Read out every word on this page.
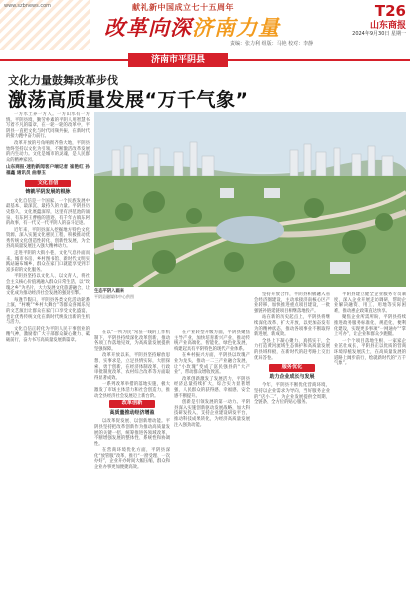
www.szbnews.com	献礼新中国成立七十五周年
改革向深济南力量
T26
山东商报
2024年9月30日 星期一
责编：张力利 组版：马艳 校对：李静
济南市平阴县
文化力量鼓舞改革步伐
激荡高质量发展“万千气象”

一方水土养一方人。一方山水有一方情。平阴县境，勤劳朴素的平阴人用智慧书写着不凡的篇章，在一轮一轮的改革中，平阴县一直把文化与时代同频共振，在新时代的接力跑中奋力前行。

改革开放的号角响彻齐鲁大地，平阴县始终坚持以文化为引领，不断激活改革发展的内生动力。文化是城市的灵魂，是人民群众的精神家园。

山东商报·速豹新闻客户端记者 崔艳红 孙福鑫 通讯员 曲春玉
文化自信
铸就平阴发展的根脉

文化自信是一个国家、一个民族发展中最基本、最深沉、最持久的力量。平阴县历史悠久，文化底蕴深厚，这里有洪范池的涌泉、有东阿王曹植的遗迹，有千年古镇东阿的故事，有一代又一代平阴人的奋斗足迹。

近年来，平阴县深入挖掘地方特色文化资源，深入实施文化惠民工程，积极推动优秀传统文化创造性转化、创新性发展，为全县高质量发展注入强大精神动力。

走进平阴的大街小巷，文化气息扑面而来。城市书房、乡村图书馆、新时代文明实践站遍布城乡，群众在家门口就能享受到丰富多彩的文化服务。

平阴县坚持以文化人、以文育人，将社会主义核心价值观融入群众日常生活，以“玫瑰之乡”为名片，大力发展文化旅游融合，让文化成为推动经济社会发展的强劲引擎。

每逢节假日，平阴县各类文化活动轮番上演，“村晚”“乡村大舞台”等群众喜闻乐见的文艺演出让群众在家门口享受文化盛宴，也让优秀传统文化在新时代焕发出新的生机与活力。

文化自信正转化为平阴人民干事创业的精气神，激励着广大干部群众凝心聚力、砥砺前行，奋力书写高质量发展新篇章。

生态平阴入画来
平阴县融媒体中心供图

在以“一所为民”常驻一线的工作机制下，平阴县持续深化改革创新，推动各项工作落地见效，为高质量发展提供坚强保障。

改革开放以来，平阴县坚持解放思想、实事求是，立足县情实际，大胆探索、勇于创新，在经济体制改革、行政审批制度改革、农村综合改革等方面取得显著成效。

一系列改革举措的落地实施，极大激发了市场主体活力和社会创造力，推动全县经济社会发展迈上新台阶。

改革创新
高质量推动经济增盈

以改革促发展、以创新增动能。平阴县坚持把改革创新作为推动高质量发展的关键一招，统筹推进各领域改革，不断增强发展的整体性、系统性和协调性。

在营商环境优化方面，平阴县深化“放管服”改革，推行“一窗受理、一次办好”，企业开办时间大幅压缩，群众和企业办事更加便捷高效。

在产业转型升级方面，平阴县聚焦主导产业，加快培育新兴产业，推动传统产业高端化、智能化、绿色化发展，构建起具有平阴特色的现代产业体系。

在乡村振兴方面，平阴县以玫瑰产业为龙头，推动一二三产业融合发展，让“小玫瑰”变成了富民强县的“大产业”，带动群众增收致富。

改革创新激发了发展活力，平阴县经济总量持续扩大，综合实力显著增强，人民群众的获得感、幸福感、安全感不断提升。

创新是引领发展的第一动力。平阴县深入实施创新驱动发展战略，加大科技研发投入，支持企业建设研发平台，推动科技成果转化，为经济高质量发展注入强劲动能。

坚持开放合作，平阴县积极融入省会经济圈建设，主动承接济南核心区产业转移，加快推进重点项目建设，一批强链补链延链项目相继落地投产。

站在新的历史起点上，平阴县将继续深化改革、扩大开放，以更加奋发有为的精神状态，推动各项事业不断取得新进展、新成效。

全县上下凝心聚力、真抓实干，全力打造黄河流域生态保护和高质量发展的县域样板，在新时代的赶考路上交出优异答卷。

服务优化
助力企业成长与发展

今年，平阴县不断优化营商环境，坚持以企业需求为导向，当好服务企业的“店小二”，为企业发展提供全周期、全链条、全方位的贴心服务。

平阴县建立健全企业服务专员制度，深入企业开展走访调研，帮助企业解决融资、用工、用地等实际困难，推动惠企政策直达快享。

聚焦企业所需所盼，平阴县持续推进政务服务标准化、规范化、便利化建设，实现更多事项“一网通办”“掌上可办”，让企业和群众少跑腿。

一个个项目落地生根、一家家企业茁壮成长，平阴县正以优质的营商环境厚植发展沃土，在高质量发展的道路上阔步前行，绘就新时代的“万千气象”。
